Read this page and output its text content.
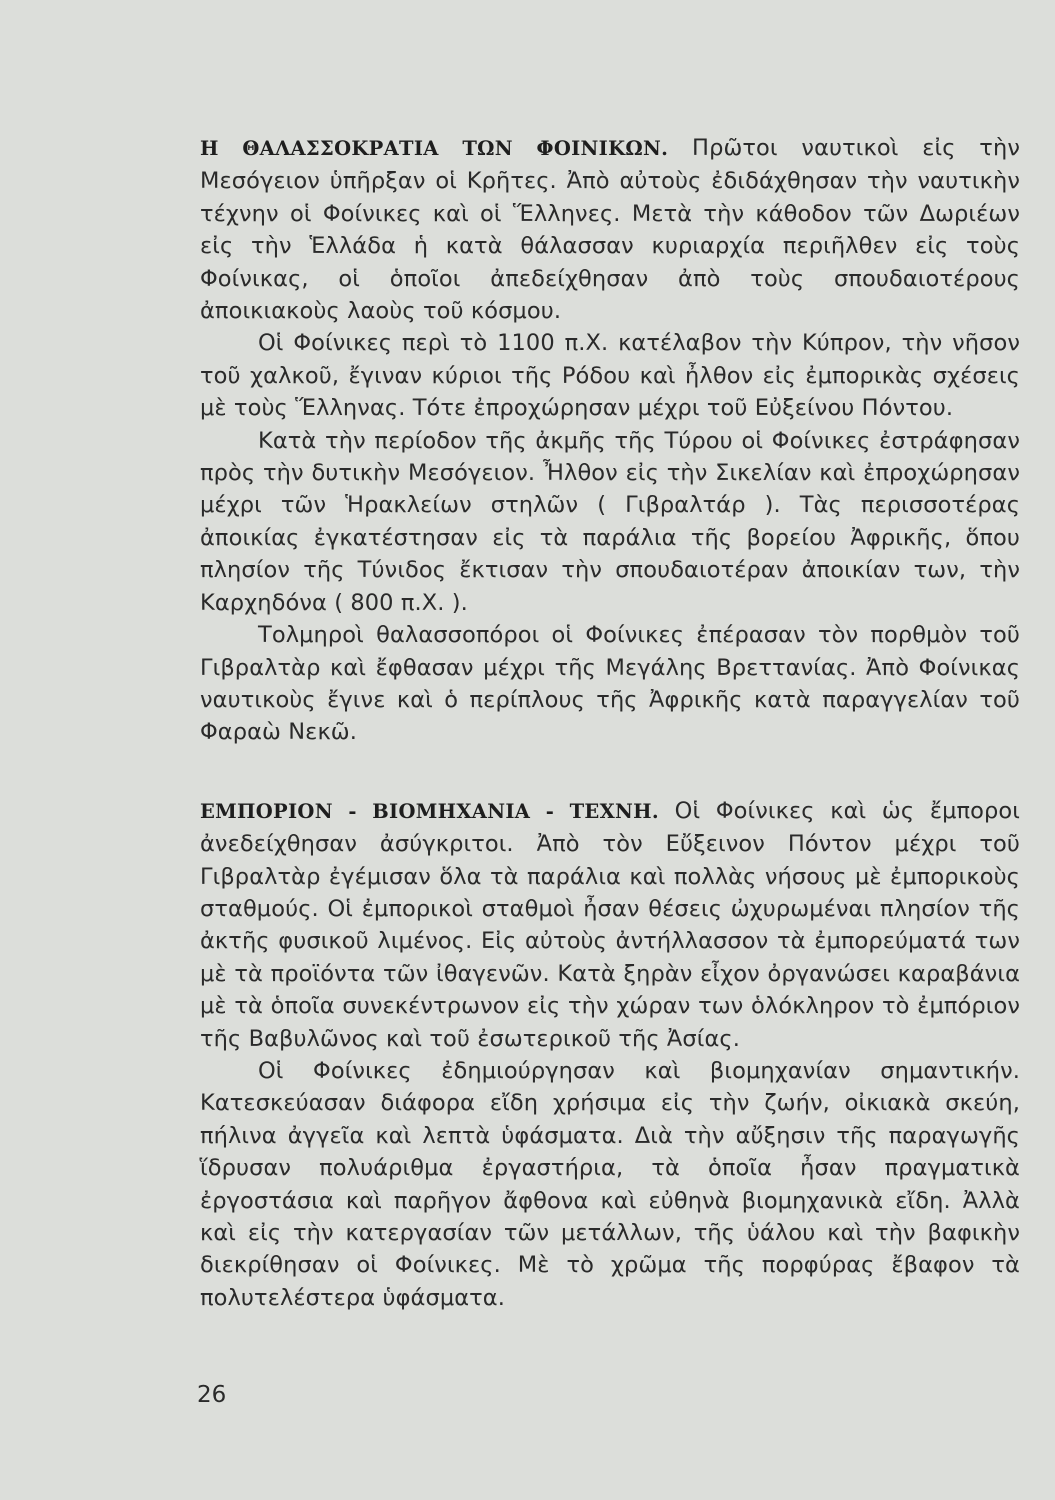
Η ΘΑΛΑΣΣΟΚΡΑΤΙΑ ΤΩΝ ΦΟΙΝΙΚΩΝ. Πρῶτοι ναυτικοὶ εἰς τὴν Μεσόγειον ὑπῆρξαν οἱ Κρῆτες. Ἀπὸ αὐτοὺς ἐδιδάχθησαν τὴν ναυτικὴν τέχνην οἱ Φοίνικες καὶ οἱ Ἕλληνες. Μετὰ τὴν κάθοδον τῶν Δωριέων εἰς τὴν Ἑλλάδα ἡ κατὰ θάλασσαν κυριαρχία περιῆλθεν εἰς τοὺς Φοίνικας, οἱ ὁποῖοι ἀπεδείχθησαν ἀπὸ τοὺς σπουδαιοτέρους ἀποικιακοὺς λαοὺς τοῦ κόσμου.

Οἱ Φοίνικες περὶ τὸ 1100 π.Χ. κατέλαβον τὴν Κύπρον, τὴν νῆσον τοῦ χαλκοῦ, ἔγιναν κύριοι τῆς Ρόδου καὶ ἦλθον εἰς ἐμπορικὰς σχέσεις μὲ τοὺς Ἕλληνας. Τότε ἐπροχώρησαν μέχρι τοῦ Εὐξείνου Πόντου.

Κατὰ τὴν περίοδον τῆς ἀκμῆς τῆς Τύρου οἱ Φοίνικες ἐστράφησαν πρὸς τὴν δυτικὴν Μεσόγειον. Ἦλθον εἰς τὴν Σικελίαν καὶ ἐπροχώρησαν μέχρι τῶν Ἡρακλείων στηλῶν ( Γιβραλτάρ ). Τὰς περισσοτέρας ἀποικίας ἐγκατέστησαν εἰς τὰ παράλια τῆς βορείου Ἀφρικῆς, ὅπου πλησίον τῆς Τύνιδος ἔκτισαν τὴν σπουδαιοτέραν ἀποικίαν των, τὴν Καρχηδόνα ( 800 π.Χ. ).

Τολμηροὶ θαλασσοπόροι οἱ Φοίνικες ἐπέρασαν τὸν πορθμὸν τοῦ Γιβραλτὰρ καὶ ἔφθασαν μέχρι τῆς Μεγάλης Βρεττανίας. Ἀπὸ Φοίνικας ναυτικοὺς ἔγινε καὶ ὁ περίπλους τῆς Ἀφρικῆς κατὰ παραγγελίαν τοῦ Φαραὼ Νεκῶ.

ΕΜΠΟΡΙΟΝ - ΒΙΟΜΗΧΑΝΙΑ - ΤΕΧΝΗ. Οἱ Φοίνικες καὶ ὡς ἔμποροι ἀνεδείχθησαν ἀσύγκριτοι. Ἀπὸ τὸν Εὔξεινον Πόντον μέχρι τοῦ Γιβραλτὰρ ἐγέμισαν ὅλα τὰ παράλια καὶ πολλὰς νήσους μὲ ἐμπορικοὺς σταθμούς. Οἱ ἐμπορικοὶ σταθμοὶ ἦσαν θέσεις ὠχυρωμέναι πλησίον τῆς ἀκτῆς φυσικοῦ λιμένος. Εἰς αὐτοὺς ἀντήλλασσον τὰ ἐμπορεύματά των μὲ τὰ προϊόντα τῶν ἰθαγενῶν. Κατὰ ξηρὰν εἶχον ὀργανώσει καραβάνια μὲ τὰ ὁποῖα συνεκέντρωνον εἰς τὴν χώραν των ὁλόκληρον τὸ ἐμπόριον τῆς Βαβυλῶνος καὶ τοῦ ἐσωτερικοῦ τῆς Ἀσίας.

Οἱ Φοίνικες ἐδημιούργησαν καὶ βιομηχανίαν σημαντικήν. Κατεσκεύασαν διάφορα εἴδη χρήσιμα εἰς τὴν ζωήν, οἰκιακὰ σκεύη, πήλινα ἀγγεῖα καὶ λεπτὰ ὑφάσματα. Διὰ τὴν αὔξησιν τῆς παραγωγῆς ἵδρυσαν πολυάριθμα ἐργαστήρια, τὰ ὁποῖα ἦσαν πραγματικὰ ἐργοστάσια καὶ παρῆγον ἄφθονα καὶ εὐθηνὰ βιομηχανικὰ εἴδη. Ἀλλὰ καὶ εἰς τὴν κατεργασίαν τῶν μετάλλων, τῆς ὑάλου καὶ τὴν βαφικὴν διεκρίθησαν οἱ Φοίνικες. Μὲ τὸ χρῶμα τῆς πορφύρας ἔβαφον τὰ πολυτελέστερα ὑφάσματα.

26
